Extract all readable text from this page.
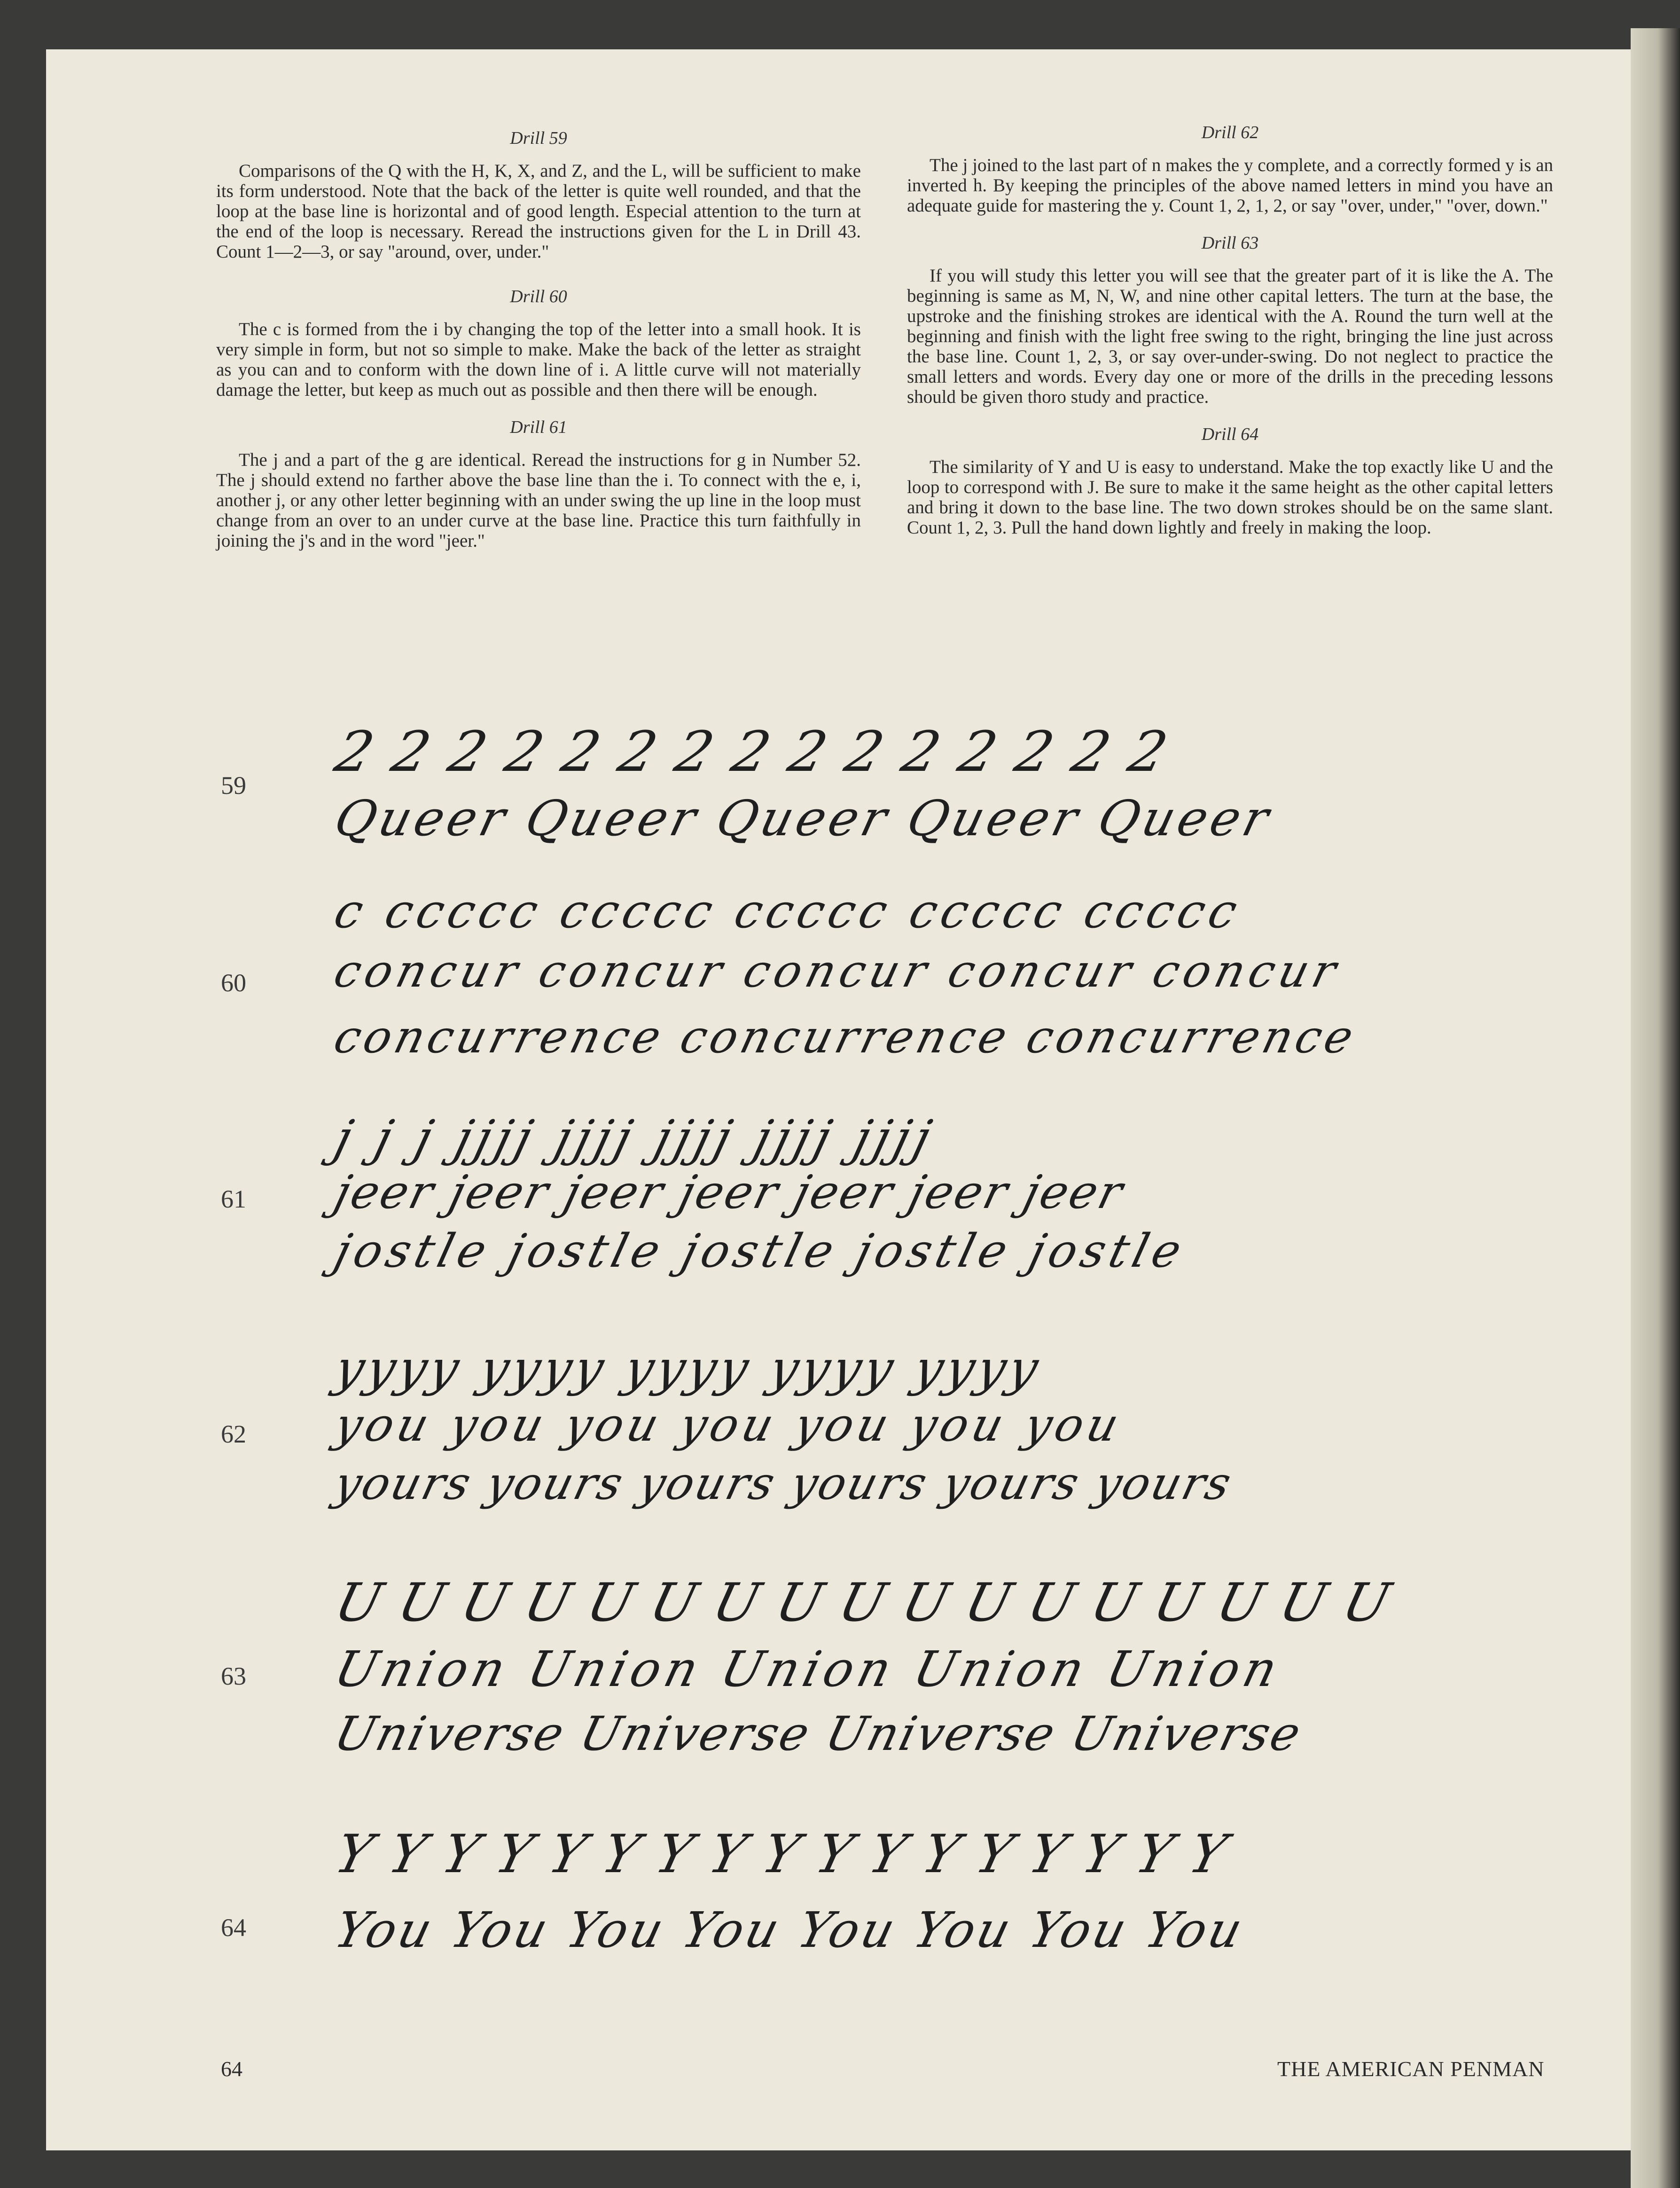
Drill 59

Comparisons of the Q with the H, K, X, and Z, and the L, will be sufficient to make its form understood. Note that the back of the letter is quite well rounded, and that the loop at the base line is horizontal and of good length. Especial attention to the turn at the end of the loop is necessary. Reread the instructions given for the L in Drill 43. Count 1—2—3, or say "around, over, under."

Drill 60

The c is formed from the i by changing the top of the letter into a small hook. It is very simple in form, but not so simple to make. Make the back of the letter as straight as you can and to conform with the down line of i. A little curve will not materially damage the letter, but keep as much out as possible and then there will be enough.

Drill 61

The j and a part of the g are identical. Reread the instructions for g in Number 52. The j should extend no farther above the base line than the i. To connect with the e, i, another j, or any other letter beginning with an under swing the up line in the loop must change from an over to an under curve at the base line. Practice this turn faithfully in joining the j's and in the word "jeer."

Drill 62

The j joined to the last part of n makes the y complete, and a correctly formed y is an inverted h. By keeping the principles of the above named letters in mind you have an adequate guide for mastering the y. Count 1, 2, 1, 2, or say "over, under," "over, down."

Drill 63

If you will study this letter you will see that the greater part of it is like the A. The beginning is same as M, N, W, and nine other capital letters. The turn at the base, the upstroke and the finishing strokes are identical with the A. Round the turn well at the beginning and finish with the light free swing to the right, bringing the line just across the base line. Count 1, 2, 3, or say over-under-swing. Do not neglect to practice the small letters and words. Every day one or more of the drills in the preceding lessons should be given thoro study and practice.

Drill 64

The similarity of Y and U is easy to understand. Make the top exactly like U and the loop to correspond with J. Be sure to make it the same height as the other capital letters and bring it down to the base line. The two down strokes should be on the same slant. Count 1, 2, 3. Pull the hand down lightly and freely in making the loop.

59
2 2 2 2 2 2 2 2 2 2 2 2 2 2 2
Queer Queer Queer Queer Queer
60
c ccccc ccccc ccccc ccccc ccccc
concur concur concur concur concur
concurrence concurrence concurrence
61
j j j jjjj jjjj jjjj jjjj jjjj
jeer jeer jeer jeer jeer jeer jeer
jostle jostle jostle jostle jostle
62
yyyy yyyy yyyy yyyy yyyy
you you you you you you you
yours yours yours yours yours yours
63
U U U U U U U U U U U U U U U U U
Union Union Union Union Union
Universe Universe Universe Universe
64
Y Y Y Y Y Y Y Y Y Y Y Y Y Y Y Y Y
You You You You You You You You
64	THE AMERICAN PENMAN
